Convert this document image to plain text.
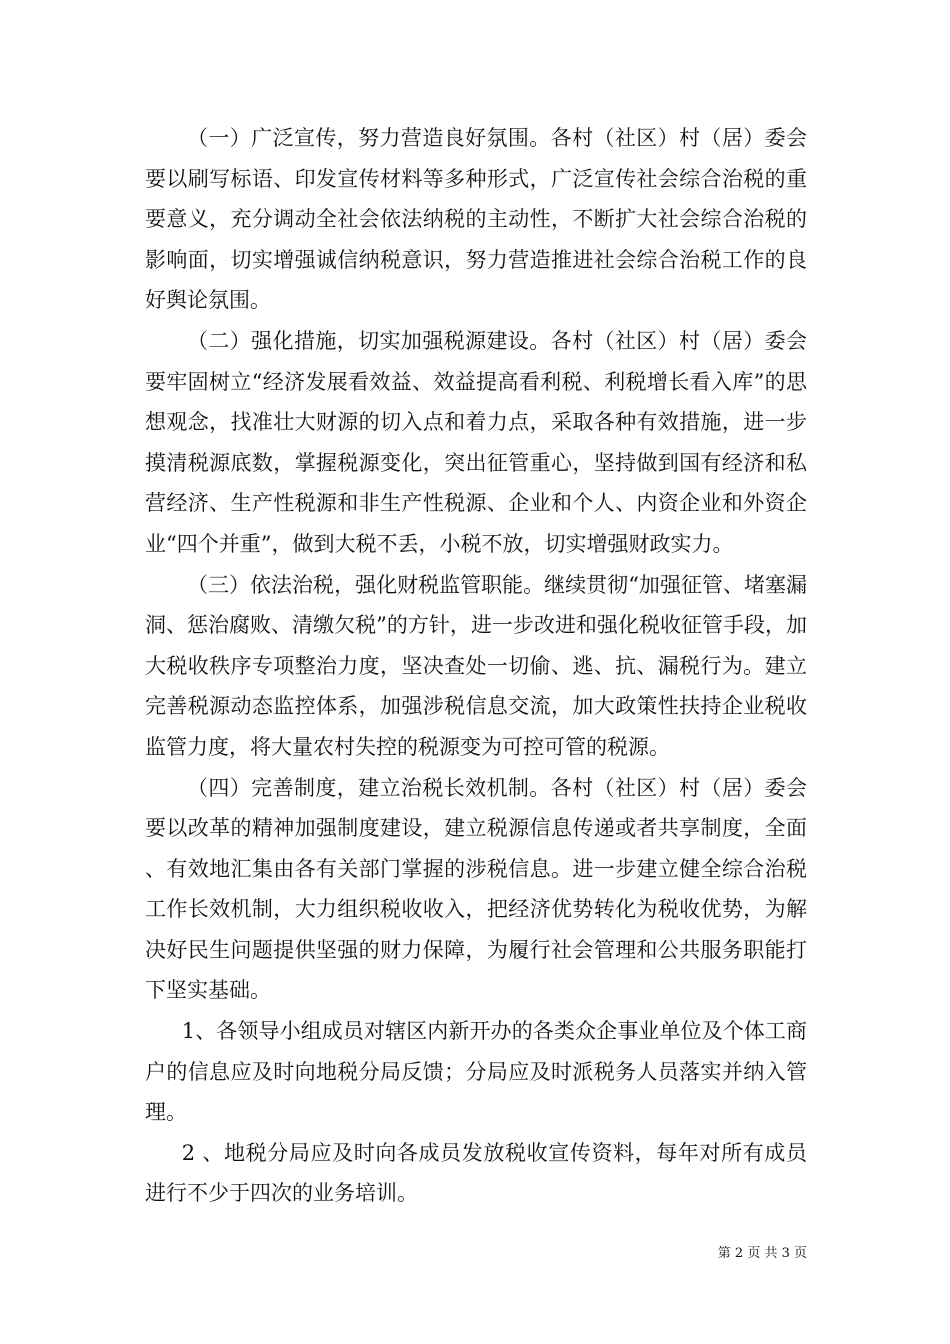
（一）广泛宣传，努力营造良好氛围。各村（社区）村（居）委会要以刷写标语、印发宣传材料等多种形式，广泛宣传社会综合治税的重要意义，充分调动全社会依法纳税的主动性，不断扩大社会综合治税的影响面，切实增强诚信纳税意识，努力营造推进社会综合治税工作的良好舆论氛围。

（二）强化措施，切实加强税源建设。各村（社区）村（居）委会要牢固树立“经济发展看效益、效益提高看利税、利税增长看入库”的思想观念，找准壮大财源的切入点和着力点，采取各种有效措施，进一步摸清税源底数，掌握税源变化，突出征管重心，坚持做到国有经济和私营经济、生产性税源和非生产性税源、企业和个人、内资企业和外资企业“四个并重”，做到大税不丢，小税不放，切实增强财政实力。

（三）依法治税，强化财税监管职能。继续贯彻“加强征管、堵塞漏洞、惩治腐败、清缴欠税”的方针，进一步改进和强化税收征管手段，加大税收秩序专项整治力度，坚决查处一切偷、逃、抗、漏税行为。建立完善税源动态监控体系，加强涉税信息交流，加大政策性扶持企业税收监管力度，将大量农村失控的税源变为可控可管的税源。

（四）完善制度，建立治税长效机制。各村（社区）村（居）委会要以改革的精神加强制度建设，建立税源信息传递或者共享制度，全面、有效地汇集由各有关部门掌握的涉税信息。进一步建立健全综合治税工作长效机制，大力组织税收收入，把经济优势转化为税收优势，为解决好民生问题提供坚强的财力保障，为履行社会管理和公共服务职能打下坚实基础。

1、各领导小组成员对辖区内新开办的各类众企事业单位及个体工商户的信息应及时向地税分局反馈；分局应及时派税务人员落实并纳入管理。

2 、地税分局应及时向各成员发放税收宣传资料，每年对所有成员进行不少于四次的业务培训。

第 2 页 共 3 页
